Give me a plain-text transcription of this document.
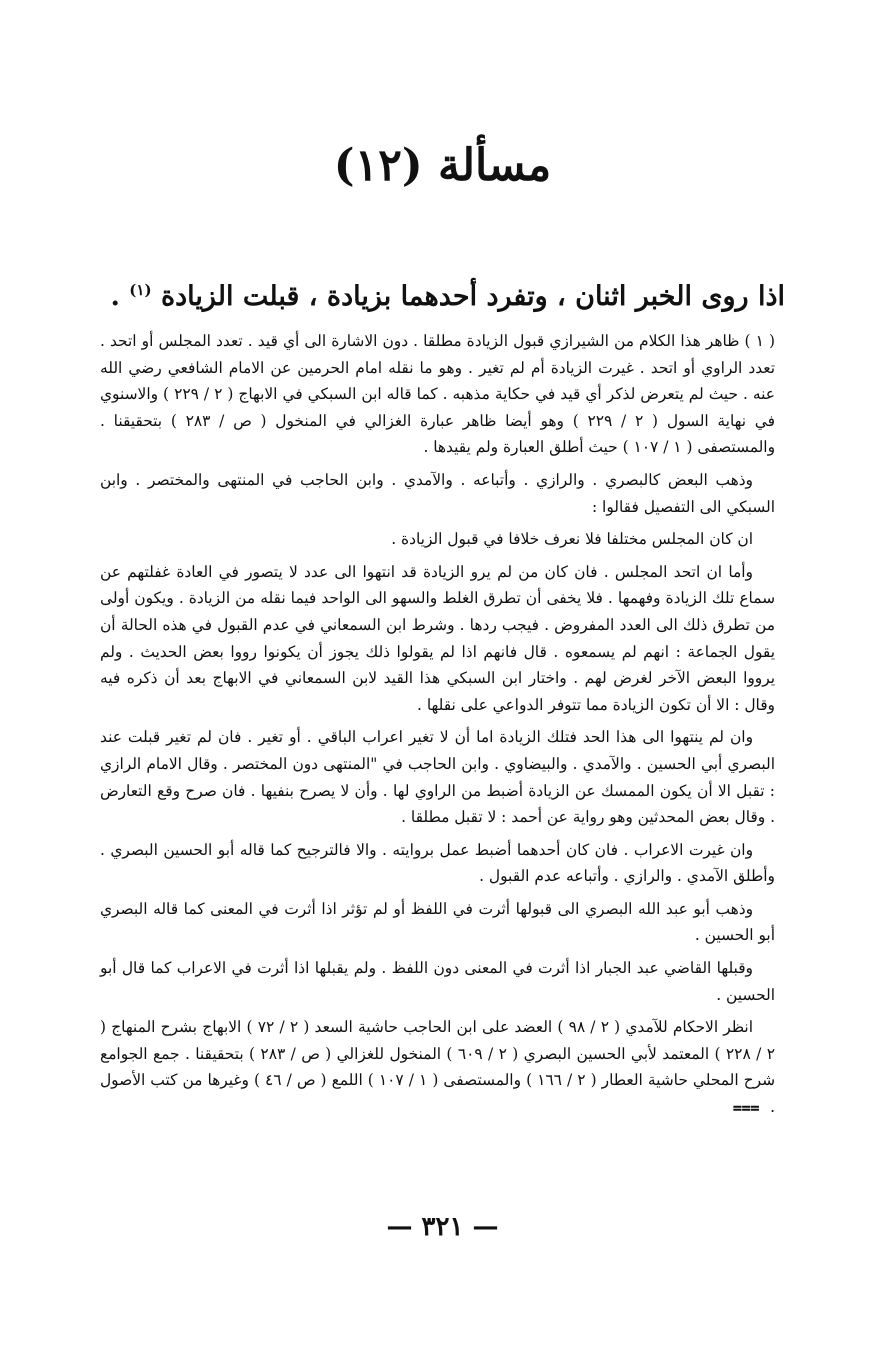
مسألة (١٢)
اذا روى الخبر اثنان ، وتفرد أحدهما بزيادة ، قبلت الزيادة $^{(١)}$ .

( ١ ) ظاهر هذا الكلام من الشيرازي قبول الزيادة مطلقا . دون الاشارة الى أي قيد . تعدد المجلس أو اتحد . تعدد الراوي أو اتحد . غيرت الزيادة أم لم تغير . وهو ما نقله امام الحرمين عن الامام الشافعي رضي الله عنه . حيث لم يتعرض لذكر أي قيد في حكاية مذهبه . كما قاله ابن السبكي في الابهاج ( ٢ / ٢٢٩ ) والاسنوي في نهاية السول ( ٢ / ٢٢٩ ) وهو أيضا ظاهر عبارة الغزالي في المنخول ( ص / ٢٨٣ ) بتحقيقنا . والمستصفى ( ١ / ١٠٧ ) حيث أطلق العبارة ولم يقيدها .

وذهب البعض كالبصري . والرازي . وأتباعه . والآمدي . وابن الحاجب في المنتهى والمختصر . وابن السبكي الى التفصيل فقالوا :

ان كان المجلس مختلفا فلا نعرف خلافا في قبول الزيادة .

وأما ان اتحد المجلس . فان كان من لم يرو الزيادة قد انتهوا الى عدد لا يتصور في العادة غفلتهم عن سماع تلك الزيادة وفهمها . فلا يخفى أن تطرق الغلط والسهو الى الواحد فيما نقله من الزيادة . ويكون أولى من تطرق ذلك الى العدد المفروض . فيجب ردها . وشرط ابن السمعاني في عدم القبول في هذه الحالة أن يقول الجماعة : انهم لم يسمعوه . قال فانهم اذا لم يقولوا ذلك يجوز أن يكونوا رووا بعض الحديث . ولم يرووا البعض الآخر لغرض لهم . واختار ابن السبكي هذا القيد لابن السمعاني في الابهاج بعد أن ذكره فيه وقال : الا أن تكون الزيادة مما تتوفر الدواعي على نقلها .

وان لم ينتهوا الى هذا الحد فتلك الزيادة اما أن لا تغير اعراب الباقي . أو تغير . فان لم تغير قبلت عند البصري أبي الحسين . والآمدي . والبيضاوي . وابن الحاجب في "المنتهى دون المختصر . وقال الامام الرازي : تقبل الا أن يكون الممسك عن الزيادة أضبط من الراوي لها . وأن لا يصرح بنفيها . فان صرح وقع التعارض . وقال بعض المحدثين وهو رواية عن أحمد : لا تقبل مطلقا .

وان غيرت الاعراب . فان كان أحدهما أضبط عمل بروايته . والا فالترجيح كما قاله أبو الحسين البصري . وأطلق الآمدي . والرازي . وأتباعه عدم القبول .

وذهب أبو عبد الله البصري الى قبولها أثرت في اللفظ أو لم تؤثر اذا أثرت في المعنى كما قاله البصري أبو الحسين .

وقبلها القاضي عبد الجبار اذا أثرت في المعنى دون اللفظ . ولم يقبلها اذا أثرت في الاعراب كما قال أبو الحسين .

انظر الاحكام للآمدي ( ٢ / ٩٨ ) العضد على ابن الحاجب حاشية السعد ( ٢ / ٧٢ ) الابهاج بشرح المنهاج ( ٢ / ٢٢٨ ) المعتمد لأبي الحسين البصري ( ٢ / ٦٠٩ ) المنخول للغزالي ( ص / ٢٨٣ ) بتحقيقنا . جمع الجوامع شرح المحلي حاشية العطار ( ٢ / ١٦٦ ) والمستصفى ( ١ / ١٠٧ ) اللمع ( ص / ٤٦ ) وغيرها من كتب الأصول . ⩶

— ٣٢١ —
